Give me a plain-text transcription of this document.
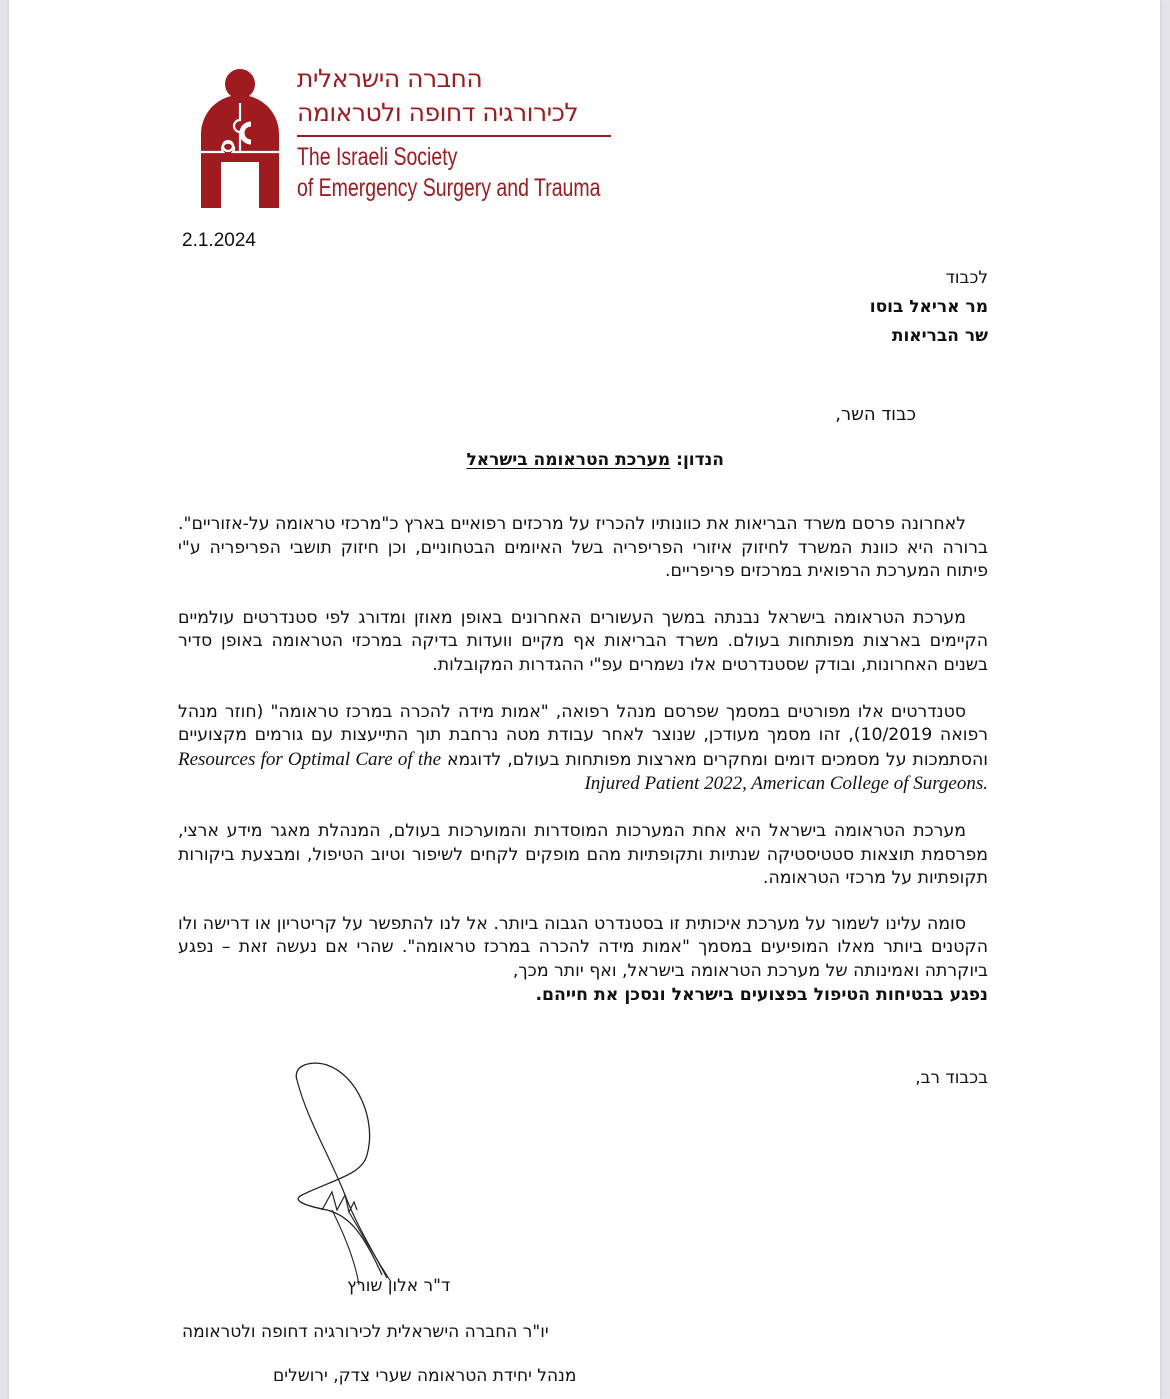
החברה הישראלית
לכירורגיה דחופה ולטראומה
The Israeli Society
of Emergency Surgery and Trauma
2.1.2024
לכבוד
מר אריאל בוסו
שר הבריאות
כבוד השר,
הנדון: מערכת הטראומה בישראל

לאחרונה פרסם משרד הבריאות את כוונותיו להכריז על מרכזים רפואיים בארץ כ"מרכזי טראומה על-אזוריים". ברורה היא כוונת המשרד לחיזוק איזורי הפריפריה בשל האיומים הבטחוניים, וכן חיזוק תושבי הפריפריה ע"י פיתוח המערכת הרפואית במרכזים פריפריים.

מערכת הטראומה בישראל נבנתה במשך העשורים האחרונים באופן מאוזן ומדורג לפי סטנדרטים עולמיים הקיימים בארצות מפותחות בעולם. משרד הבריאות אף מקיים וועדות בדיקה במרכזי הטראומה באופן סדיר בשנים האחרונות, ובודק שסטנדרטים אלו נשמרים עפ"י ההגדרות המקובלות.

סטנדרטים אלו מפורטים במסמך שפרסם מנהל רפואה, "אמות מידה להכרה במרכז טראומה" (חוזר מנהל רפואה 10/2019), זהו מסמך מעודכן, שנוצר לאחר עבודת מטה נרחבת תוך התייעצות עם גורמים מקצועיים והסתמכות על מסמכים דומים ומחקרים מארצות מפותחות בעולם, לדוגמא Resources for Optimal Care of the Injured Patient 2022, American College of Surgeons.

מערכת הטראומה בישראל היא אחת המערכות המוסדרות והמוערכות בעולם, המנהלת מאגר מידע ארצי, מפרסמת תוצאות סטטיסטיקה שנתיות ותקופתיות מהם מופקים לקחים לשיפור וטיוב הטיפול, ומבצעת ביקורות תקופתיות על מרכזי הטראומה.

סומה עלינו לשמור על מערכת איכותית זו בסטנדרט הגבוה ביותר. אל לנו להתפשר על קריטריון או דרישה ולו הקטנים ביותר מאלו המופיעים במסמך "אמות מידה להכרה במרכז טראומה". שהרי אם נעשה זאת – נפגע ביוקרתה ואמינותה של מערכת הטראומה בישראל, ואף יותר מכך,
נפגע בבטיחות הטיפול בפצועים בישראל ונסכן את חייהם.

בכבוד רב,
ד"ר אלון שורץ
יו"ר החברה הישראלית לכירורגיה דחופה ולטראומה
מנהל יחידת הטראומה שערי צדק, ירושלים
